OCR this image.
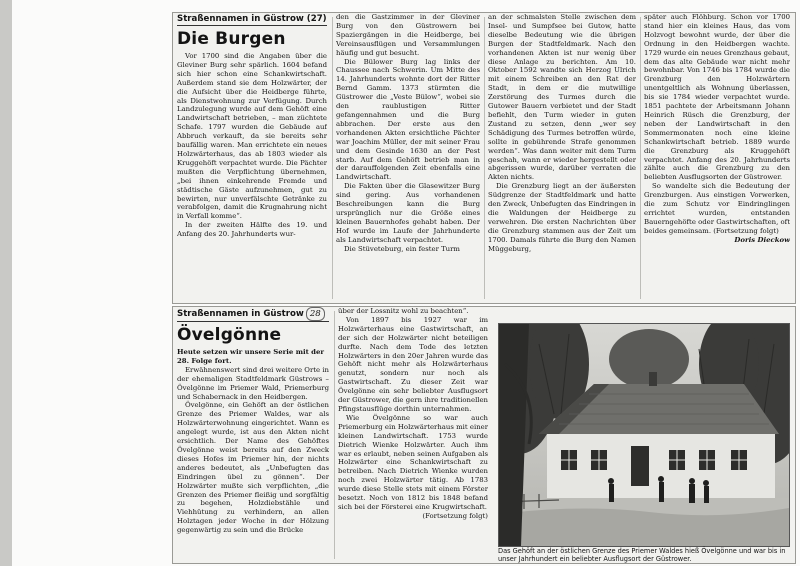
Straßennamen in Güstrow (27)
Die Burgen

Vor 1700 sind die Angaben über die Gleviner Burg sehr spärlich. 1604 befand sich hier schon eine Schankwirtschaft. Außerdem stand sie dem Holzwärter, der die Aufsicht über die Heidberge führte, als Dienstwohnung zur Verfügung. Durch Landzulegung wurde auf dem Gehöft eine Landwirtschaft betrieben, – man züchtete Schafe. 1797 wurden die Gebäude auf Abbruch verkauft, da sie bereits sehr baufällig waren. Man errichtete ein neues Holzwärterhaus, das ab 1803 wieder als Kruggehöft verpachtet wurde. Die Pächter mußten die Verpflichtung übernehmen, „bei ihnen einkehrende Fremde und städtische Gäste aufzunehmen, gut zu bewirten, nur unverfälschte Getränke zu verabfolgen, damit die Krugnahrung nicht in Verfall komme“.

In der zweiten Hälfte des 19. und Anfang des 20. Jahrhunderts wur-

den die Gastzimmer in der Gleviner Burg von den Güstrowern bei Spaziergängen in die Heidberge, bei Vereinsausflügen und Versammlungen häufig und gut besucht.

Die Bülower Burg lag links der Chaussee nach Schwerin. Um Mitte des 14. Jahrhunderts wohnte dort der Ritter Bernd Gamm. 1373 stürmten die Güstrower die „Veste Bülow“, wobei sie den raublustigen Ritter gefangennahmen und die Burg abbrachen. Der erste aus den vorhandenen Akten ersichtliche Pächter war Joachim Müller, der mit seiner Frau und dem Gesinde 1630 an der Pest starb. Auf dem Gehöft betrieb man in der darauffolgenden Zeit ebenfalls eine Landwirtschaft.

Die Fakten über die Glasewitzer Burg sind gering. Aus vorhandenen Beschreibungen kann die Burg ursprünglich nur die Größe eines kleinen Bauernhofes gehabt haben. Der Hof wurde im Laufe der Jahrhunderte als Landwirtschaft verpachtet.

Die Stüveteburg, ein fester Turm

an der schmalsten Stelle zwischen dem Insel- und Sumpfsee bei Gutow, hatte dieselbe Bedeutung wie die übrigen Burgen der Stadtfeldmark. Nach den vorhandenen Akten ist nur wenig über diese Anlage zu berichten. Am 10. Oktober 1592 wandte sich Herzog Ulrich mit einem Schreiben an den Rat der Stadt, in dem er die mutwillige Zerstörung des Turmes durch die Gutower Bauern verbietet und der Stadt befiehlt, den Turm wieder in guten Zustand zu setzen, denn „wer sey Schädigung des Turmes betroffen würde, sollte in gebührende Strafe genommen werden“. Was dann weiter mit dem Turm geschah, wann er wieder hergestellt oder abgerissen wurde, darüber verraten die Akten nichts.

Die Grenzburg liegt an der äußersten Südgrenze der Stadtfeldmark und hatte den Zweck, Unbefugten das Eindringen in die Waldungen der Heidberge zu verwehren. Die ersten Nachrichten über die Grenzburg stammen aus der Zeit um 1700. Damals führte die Burg den Namen Müggeburg,

später auch Flöhburg. Schon vor 1700 stand hier ein kleines Haus, das vom Holzvogt bewohnt wurde, der über die Ordnung in den Heidbergen wachte. 1729 wurde ein neues Grenzhaus gebaut, dem das alte Gebäude war nicht mehr bewohnbar. Von 1746 bis 1784 wurde die Grenzburg den Holzwärtern unentgeltlich als Wohnung überlassen, bis sie 1784 wieder verpachtet wurde. 1851 pachtete der Arbeitsmann Johann Heinrich Rüsch die Grenzburg, der neben der Landwirtschaft in den Sommermonaten noch eine kleine Schankwirtschaft betrieb. 1889 wurde die Grenzburg als Kruggehöft verpachtet. Anfang des 20. Jahrhunderts zählte auch die Grenzburg zu den beliebten Ausflugsorten der Güstrower.

So wandelte sich die Bedeutung der Grenzburgen. Aus einstigen Vorwerken, die zum Schutz vor Eindringlingen errichtet wurden, entstanden Bauerngehöfte oder Gastwirtschaften, oft beides gemeinsam. (Fortsetzung folgt)

Doris Dieckow

Straßennamen in Güstrow 28
Övelgönne

Heute setzen wir unsere Serie mit der 28. Folge fort.

Erwähnenswert sind drei weitere Orte in der ehemaligen Stadtfeldmark Güstrows – Övelgönne im Priemer Wald, Priemerburg und Schabernack in den Heidbergen.

Övelgönne, ein Gehöft an der östlichen Grenze des Priemer Waldes, war als Holzwärterwohnung eingerichtet. Wann es angelegt wurde, ist aus den Akten nicht ersichtlich. Der Name des Gehöftes Övelgönne weist bereits auf den Zweck dieses Hofes im Priemer hin, der nichts anderes bedeutet, als „Unbefugten das Eindringen übel zu gönnen“. Der Holzwärter mußte sich verpflichten, „die Grenzen des Priemer fleißig und sorgfältig zu begehen, Holzdiebstähle und Viehhütung zu verhindern, an allen Holztagen jeder Woche in der Hölzung gegenwärtig zu sein und die Brücke

über der Lossnitz wohl zu beachten“.

Von 1897 bis 1927 war im Holzwärterhaus eine Gastwirtschaft, an der sich der Holzwärter nicht beteiligen durfte. Nach dem Tode des letzten Holzwärters in den 20er Jahren wurde das Gehöft nicht mehr als Holzwärterhaus genutzt, sondern nur noch als Gastwirtschaft. Zu dieser Zeit war Övelgönne ein sehr beliebter Ausflugsort der Güstrower, die gern ihre traditionellen Pfingstausflüge dorthin unternahmen.

Wie Övelgönne so war auch Priemerburg ein Holzwärterhaus mit einer kleinen Landwirtschaft. 1753 wurde Dietrich Wienke Holzwärter. Auch ihm war es erlaubt, neben seinen Aufgaben als Holzwärter eine Schankwirtschaft zu betreiben. Nach Dietrich Wienke wurden noch zwei Holzwärter tätig. Ab 1783 wurde diese Stelle stets mit einem Förster besetzt. Noch von 1812 bis 1848 befand sich bei der Försterei eine Krugwirtschaft.

(Fortsetzung folgt)

Das Gehöft an der östlichen Grenze des Priemer Waldes hieß Övelgönne und war bis in unser Jahrhundert ein beliebter Ausflugsort der Güstrower.
